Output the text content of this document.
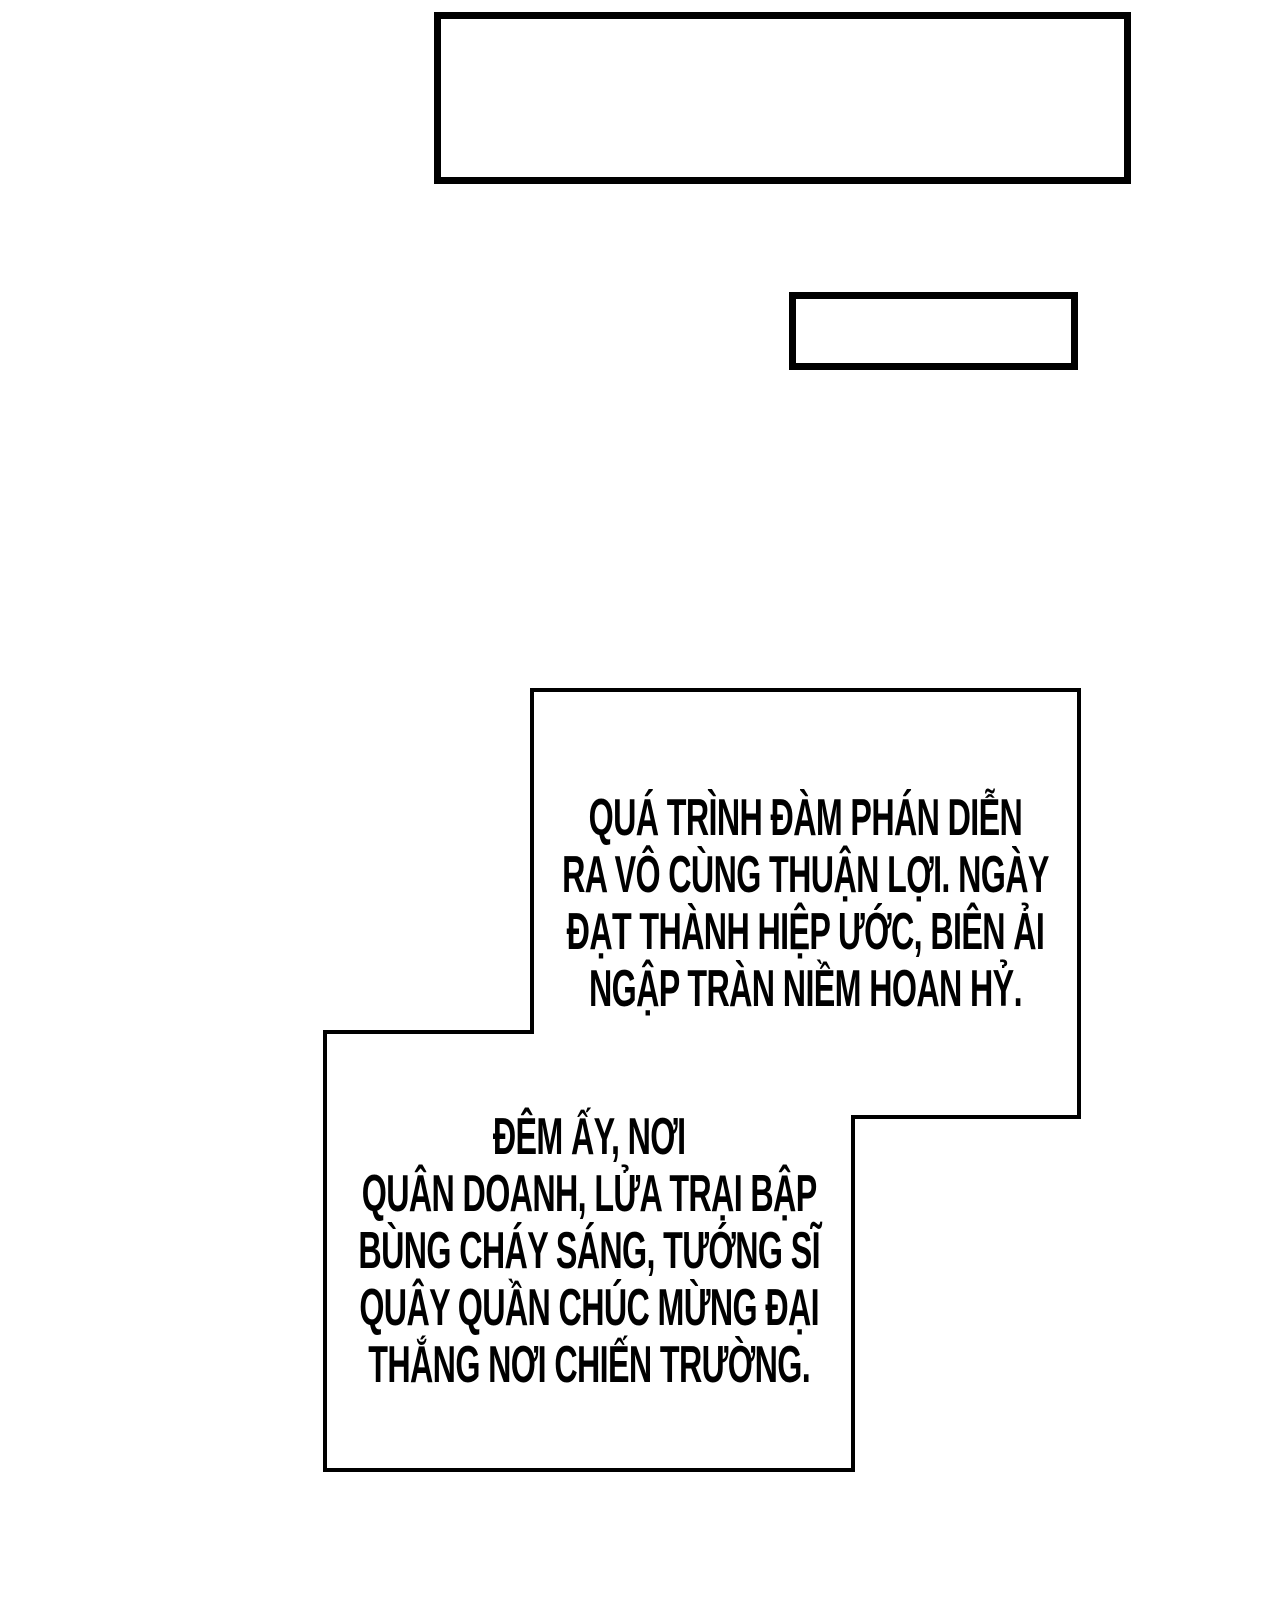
QUÁ TRÌNH ĐÀM PHÁN DIỄN
RA VÔ CÙNG THUẬN LỢI. NGÀY
ĐẠT THÀNH HIỆP ƯỚC, BIÊN ẢI
NGẬP TRÀN NIỀM HOAN HỶ.
ĐÊM ẤY, NƠI
QUÂN DOANH, LỬA TRẠI BẬP
BÙNG CHÁY SÁNG, TƯỚNG SĨ
QUÂY QUẦN CHÚC MỪNG ĐẠI
THẮNG NƠI CHIẾN TRƯỜNG.
